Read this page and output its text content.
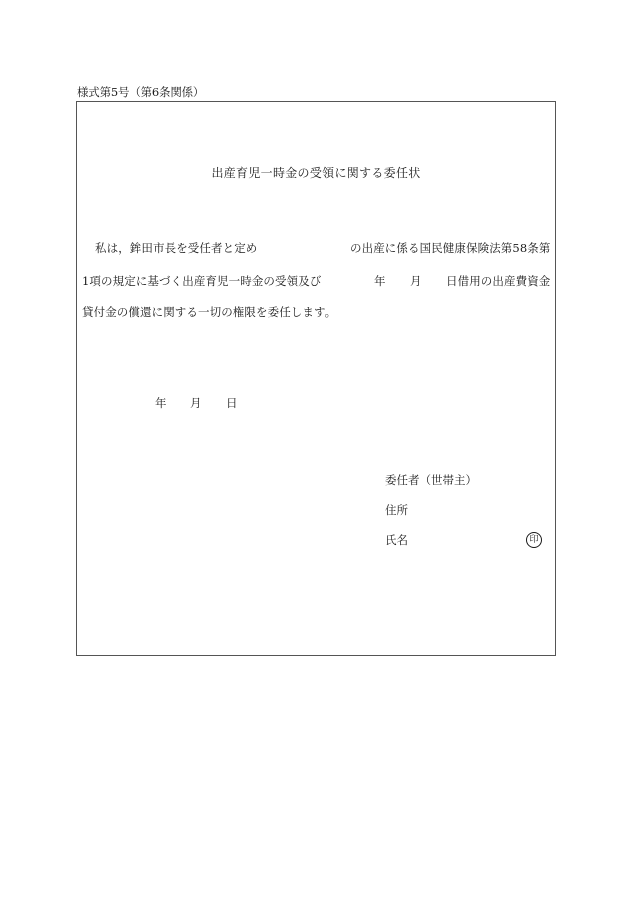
様式第5号（第6条関係）
出産育児一時金の受領に関する委任状
私は，鉾田市長を受任者と定め	の出産に係る国民健康保険法第58条第
1項の規定に基づく出産育児一時金の受領及び	年 月 日借用の出産費資金
貸付金の償還に関する一切の権限を委任します。
年 月 日
委任者（世帯主）
住所
氏名	印
